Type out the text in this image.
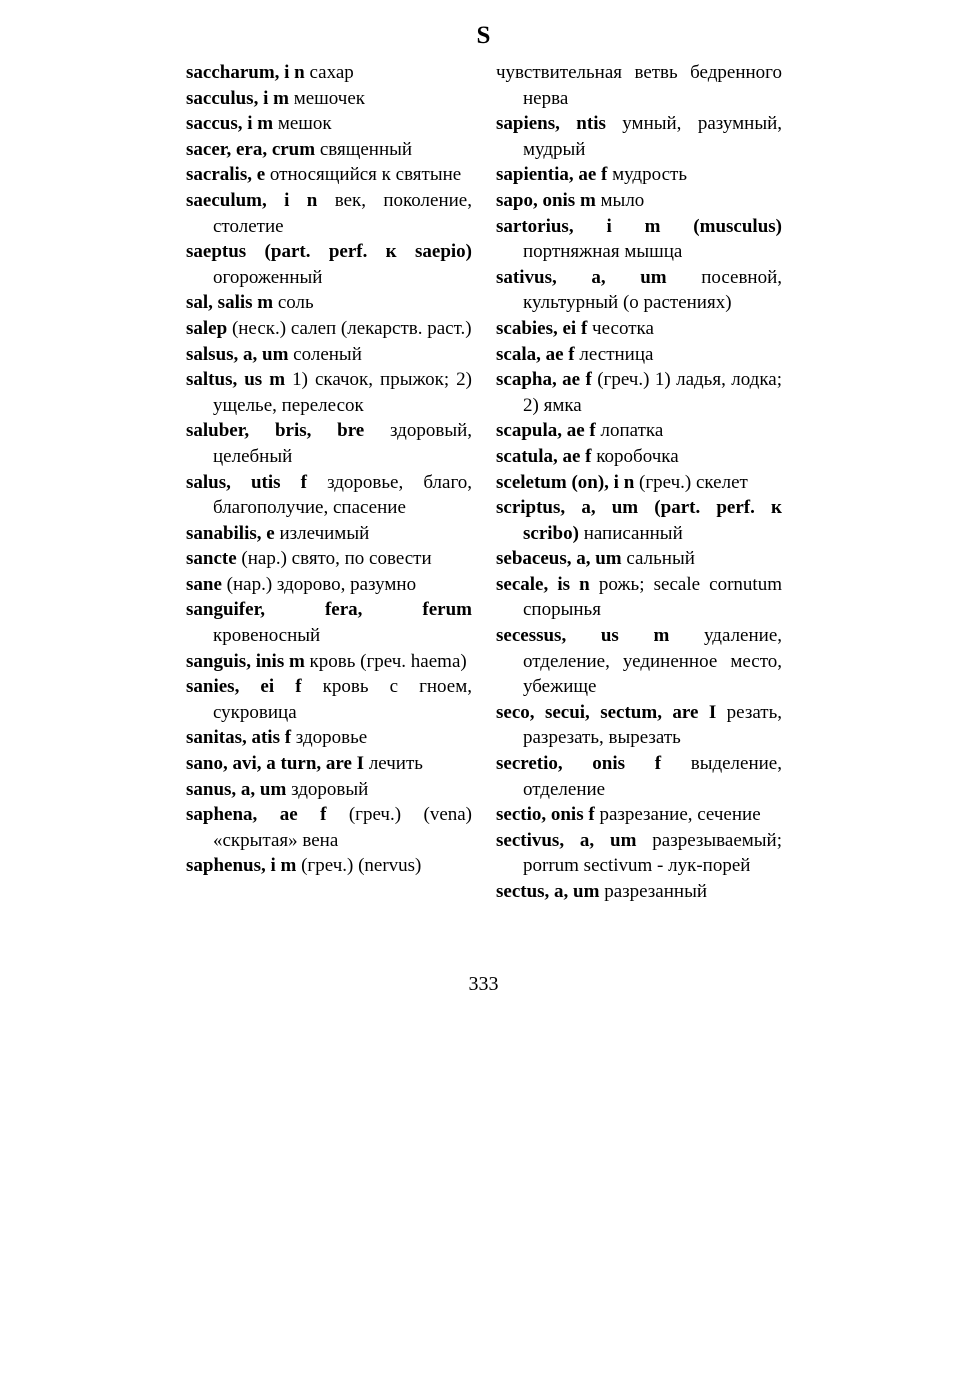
S
saccharum, i n сахар
sacculus, i m мешочек
saccus, i m мешок
sacer, era, crum священный
sacralis, e относящийся к святыне
saeculum, i n век, поколение, столетие
saeptus (part. perf. к saepio) огороженный
sal, salis m соль
salep (неск.) салеп (лекарств. раст.)
salsus, a, um соленый
saltus, us m 1) скачок, прыжок; 2) ущелье, перелесок
saluber, bris, bre здоровый, целебный
salus, utis f здоровье, благо, благополучие, спасение
sanabilis, e излечимый
sancte (нар.) свято, по совести
sane (нар.) здорово, разумно
sanguifer, fera, ferum кровеносный
sanguis, inis m кровь (греч. haema)
sanies, ei f кровь с гноем, сукровица
sanitas, atis f здоровье
sano, avi, a turn, are I лечить
sanus, a, um здоровый
saphena, ae f (греч.) (vena) «скрытая» вена
saphenus, i m (греч.) (nervus)
чувствительная ветвь бедренного нерва
sapiens, ntis умный, разумный, мудрый
sapientia, ae f мудрость
sapo, onis m мыло
sartorius, i m (musculus) портняжная мышца
sativus, a, um посевной, культурный (о растениях)
scabies, ei f чесотка
scala, ae f лестница
scapha, ae f (греч.) 1) ладья, лодка; 2) ямка
scapula, ae f лопатка
scatula, ae f коробочка
sceletum (on), i n (греч.) скелет
scriptus, a, um (part. perf. к scribo) написанный
sebaceus, a, um сальный
secale, is n рожь; secale cornutum спорынья
secessus, us m удаление, отделение, уединенное место, убежище
seco, secui, sectum, are I резать, разрезать, вырезать
secretio, onis f выделение, отделение
sectio, onis f разрезание, сечение
sectivus, a, um разрезываемый; porrum sectivum - лук-порей
sectus, a, um разрезанный
333
